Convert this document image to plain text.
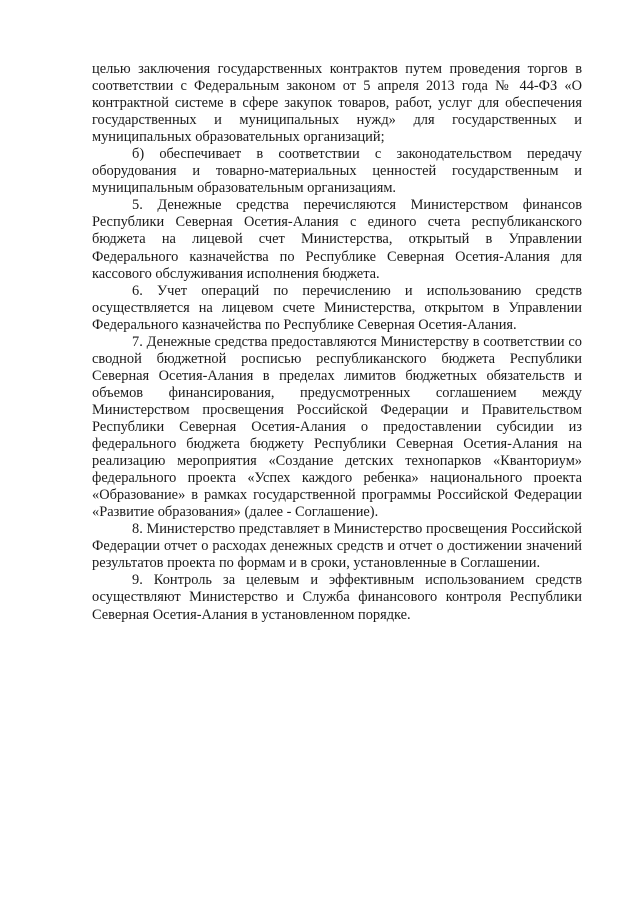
целью заключения государственных контрактов путем проведения торгов в соответствии с Федеральным законом от 5 апреля 2013 года № 44-ФЗ «О контрактной системе в сфере закупок товаров, работ, услуг для обеспечения государственных и муниципальных нужд» для государственных и муниципальных образовательных организаций;

б) обеспечивает в соответствии с законодательством передачу оборудования и товарно-материальных ценностей государственным и муниципальным образовательным организациям.

5. Денежные средства перечисляются Министерством финансов Республики Северная Осетия-Алания с единого счета республиканского бюджета на лицевой счет Министерства, открытый в Управлении Федерального казначейства по Республике Северная Осетия-Алания для кассового обслуживания исполнения бюджета.

6. Учет операций по перечислению и использованию средств осуществляется на лицевом счете Министерства, открытом в Управлении Федерального казначейства по Республике Северная Осетия-Алания.

7. Денежные средства предоставляются Министерству в соответствии со сводной бюджетной росписью республиканского бюджета Республики Северная Осетия-Алания в пределах лимитов бюджетных обязательств и объемов финансирования, предусмотренных соглашением между Министерством просвещения Российской Федерации и Правительством Республики Северная Осетия-Алания о предоставлении субсидии из федерального бюджета бюджету Республики Северная Осетия-Алания на реализацию мероприятия «Создание детских технопарков «Кванториум» федерального проекта «Успех каждого ребенка» национального проекта «Образование» в рамках государственной программы Российской Федерации «Развитие образования» (далее - Соглашение).

8. Министерство представляет в Министерство просвещения Российской Федерации отчет о расходах денежных средств и отчет о достижении значений результатов проекта по формам и в сроки, установленные в Соглашении.

9. Контроль за целевым и эффективным использованием средств осуществляют Министерство и Служба финансового контроля Республики Северная Осетия-Алания в установленном порядке.
